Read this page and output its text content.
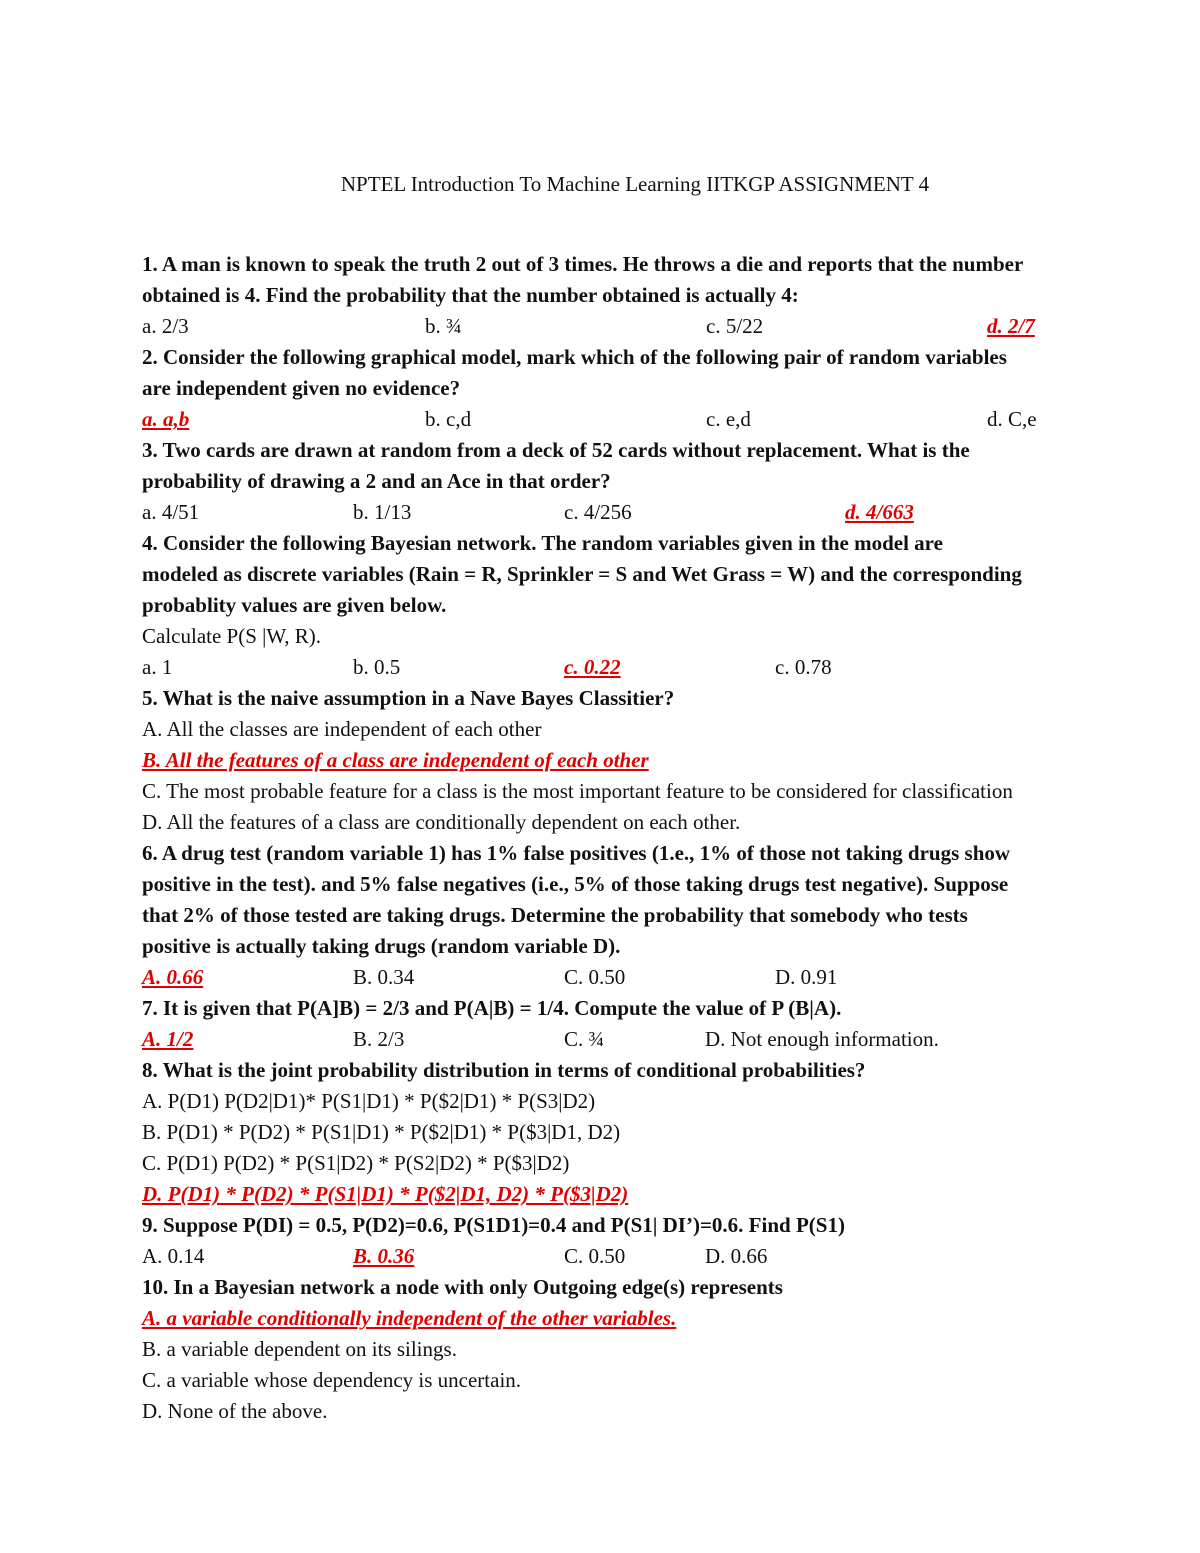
NPTEL Introduction To Machine Learning IITKGP ASSIGNMENT 4
1. A man is known to speak the truth 2 out of 3 times. He throws a die and reports that the number
obtained is 4. Find the probability that the number obtained is actually 4:
a. 2/3	b. ¾	c. 5/22	d. 2/7
2. Consider the following graphical model, mark which of the following pair of random variables
are independent given no evidence?
a. a,b	b. c,d	c. e,d	d. C,e
3. Two cards are drawn at random from a deck of 52 cards without replacement. What is the
probability of drawing a 2 and an Ace in that order?
a. 4/51	b. 1/13	c. 4/256	d. 4/663
4. Consider the following Bayesian network. The random variables given in the model are
modeled as discrete variables (Rain = R, Sprinkler = S and Wet Grass = W) and the corresponding
probablity values are given below.
Calculate P(S |W, R).
a. 1	b. 0.5	c. 0.22	c. 0.78
5. What is the naive assumption in a Nave Bayes Classitier?
A. All the classes are independent of each other
B. All the features of a class are independent of each other
C. The most probable feature for a class is the most important feature to be considered for classification
D. All the features of a class are conditionally dependent on each other.
6. A drug test (random variable 1) has 1% false positives (1.e., 1% of those not taking drugs show
positive in the test). and 5% false negatives (i.e., 5% of those taking drugs test negative). Suppose
that 2% of those tested are taking drugs. Determine the probability that somebody who tests
positive is actually taking drugs (random variable D).
A. 0.66	B. 0.34	C. 0.50	D. 0.91
7. It is given that P(A]B) = 2/3 and P(A|B) = 1/4. Compute the value of P (B|A).
A. 1/2	B. 2/3	C. ¾	D. Not enough information.
8. What is the joint probability distribution in terms of conditional probabilities?
A. P(D1) P(D2|D1)* P(S1|D1) * P($2|D1) * P(S3|D2)
B. P(D1) * P(D2) * P(S1|D1) * P($2|D1) * P($3|D1, D2)
C. P(D1) P(D2) * P(S1|D2) * P(S2|D2) * P($3|D2)
D. P(D1) * P(D2) * P(S1|D1) * P($2|D1, D2) * P($3|D2)
9. Suppose P(DI) = 0.5, P(D2)=0.6, P(S1D1)=0.4 and P(S1| DI’)=0.6. Find P(S1)
A. 0.14	B. 0.36	C. 0.50	D. 0.66
10. In a Bayesian network a node with only Outgoing edge(s) represents
A. a variable conditionally independent of the other variables.
B. a variable dependent on its silings.
C. a variable whose dependency is uncertain.
D. None of the above.
